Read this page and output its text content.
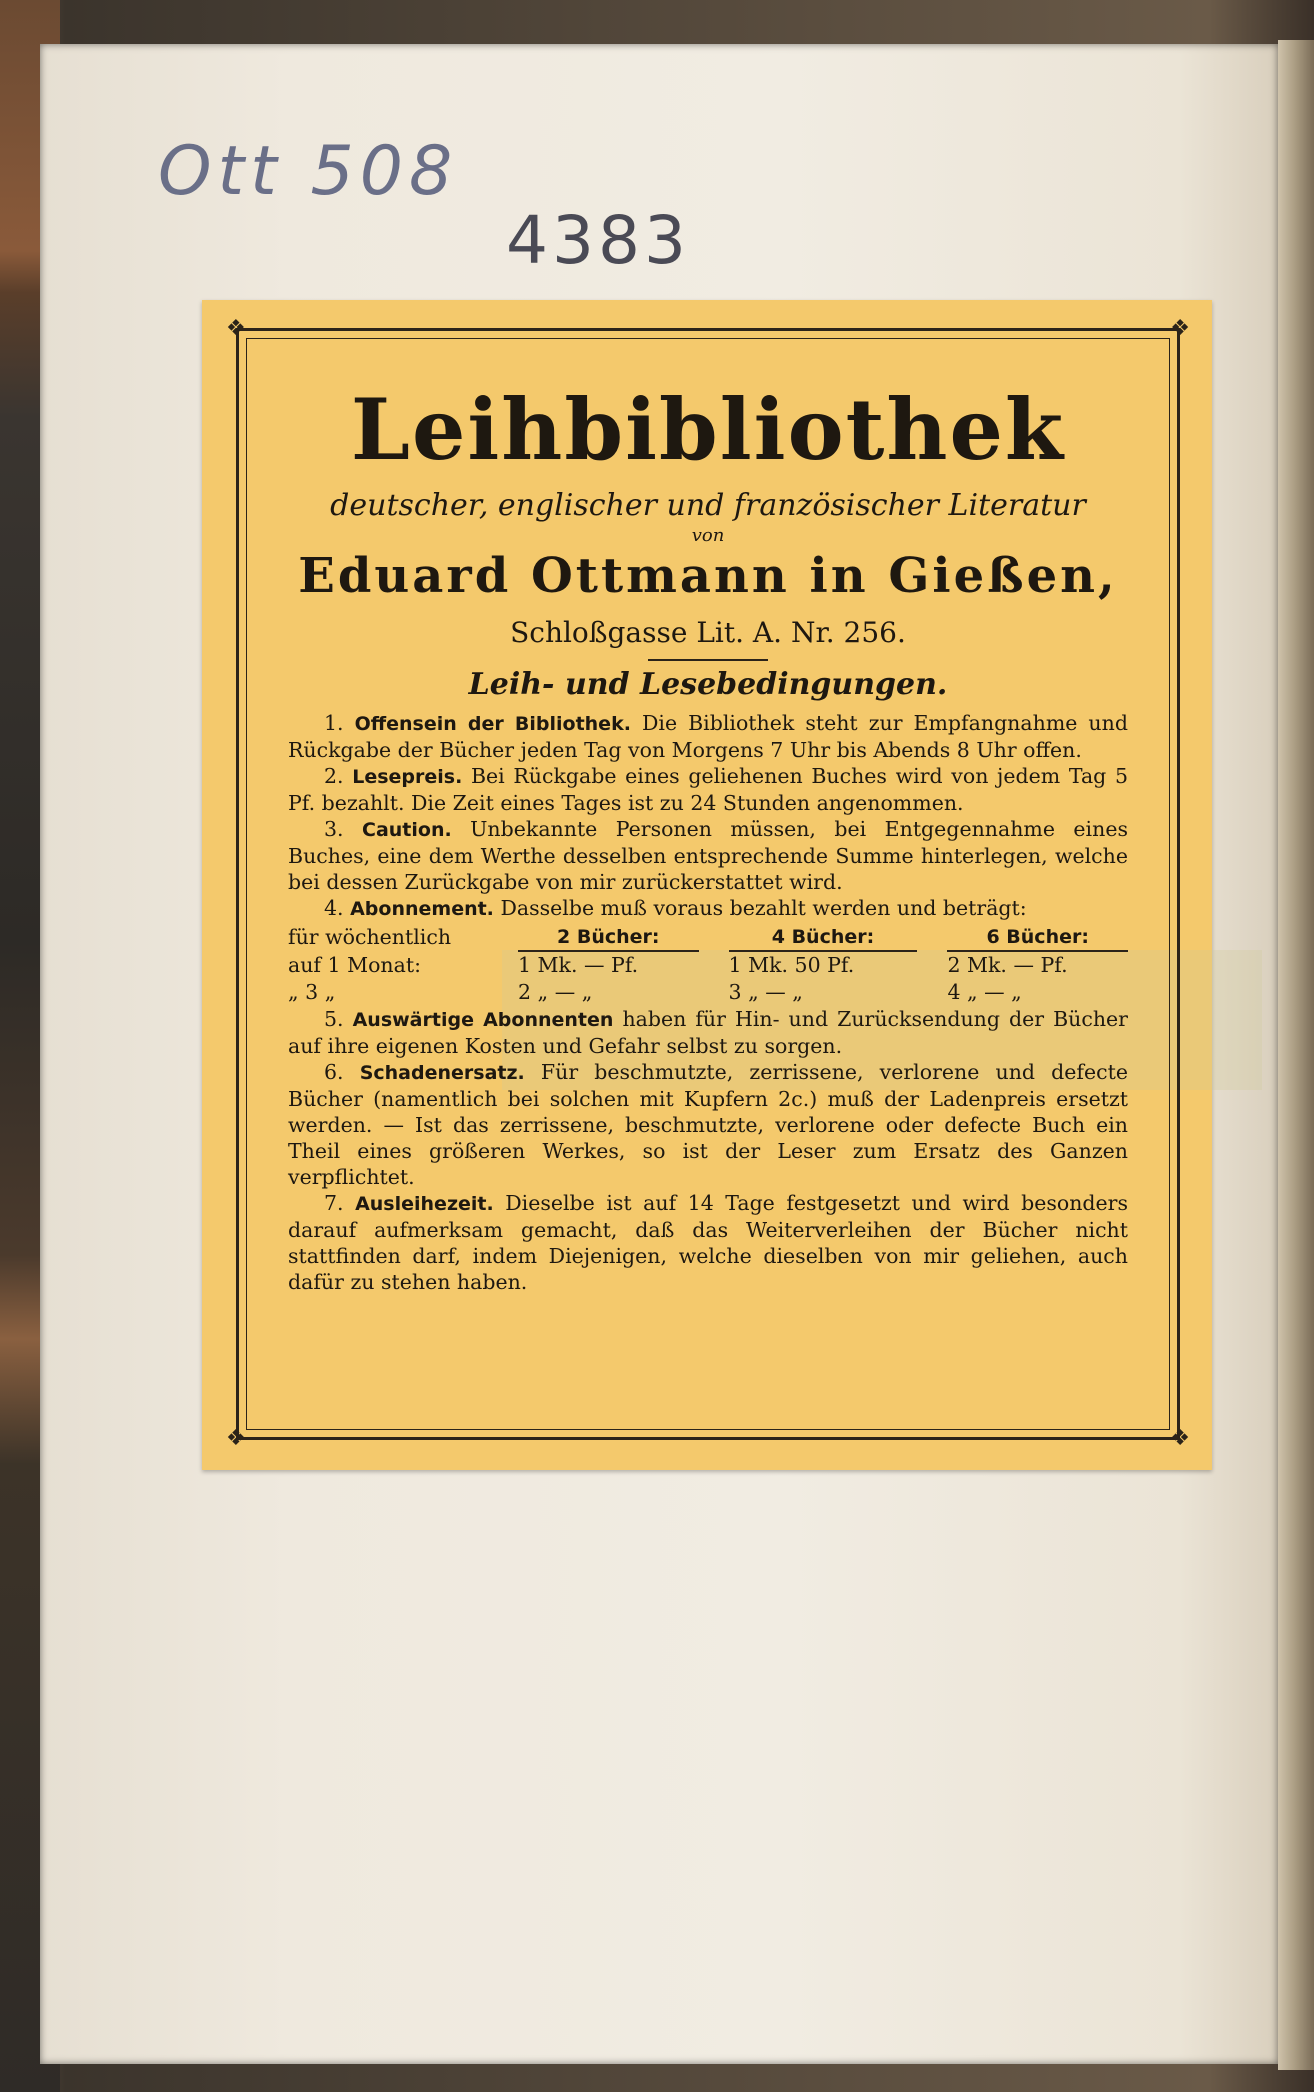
Ott 508
4383
❖	❖
❖	❖
Leihbibliothek
deutscher, englischer und französischer Literatur
von
Eduard Ottmann in Gießen,
Schloßgasse Lit. A. Nr. 256.
Leih- und Lesebedingungen.

1. Offensein der Bibliothek. Die Bibliothek steht zur Empfangnahme und Rückgabe der Bücher jeden Tag von Morgens 7 Uhr bis Abends 8 Uhr offen.

2. Lesepreis. Bei Rückgabe eines geliehenen Buches wird von jedem Tag 5 Pf. bezahlt. Die Zeit eines Tages ist zu 24 Stunden angenommen.

3. Caution. Unbekannte Personen müssen, bei Entgegennahme eines Buches, eine dem Werthe desselben entsprechende Summe hinterlegen, welche bei dessen Zurückgabe von mir zurückerstattet wird.

4. Abonnement. Dasselbe muß voraus bezahlt werden und beträgt:

für wöchentlich	2 Bücher:		4 Bücher:		6 Bücher:
auf 1 Monat:	1 Mk. — Pf.		1 Mk. 50 Pf.		2 Mk. — Pf.
„ 3 „	2 „ — „		3 „ — „		4 „ — „

5. Auswärtige Abonnenten haben für Hin- und Zurücksendung der Bücher auf ihre eigenen Kosten und Gefahr selbst zu sorgen.

6. Schadenersatz. Für beschmutzte, zerrissene, verlorene und defecte Bücher (namentlich bei solchen mit Kupfern 2c.) muß der Ladenpreis ersetzt werden. — Ist das zerrissene, beschmutzte, verlorene oder defecte Buch ein Theil eines größeren Werkes, so ist der Leser zum Ersatz des Ganzen verpflichtet.

7. Ausleihezeit. Dieselbe ist auf 14 Tage festgesetzt und wird besonders darauf aufmerksam gemacht, daß das Weiterverleihen der Bücher nicht stattfinden darf, indem Diejenigen, welche dieselben von mir geliehen, auch dafür zu stehen haben.
